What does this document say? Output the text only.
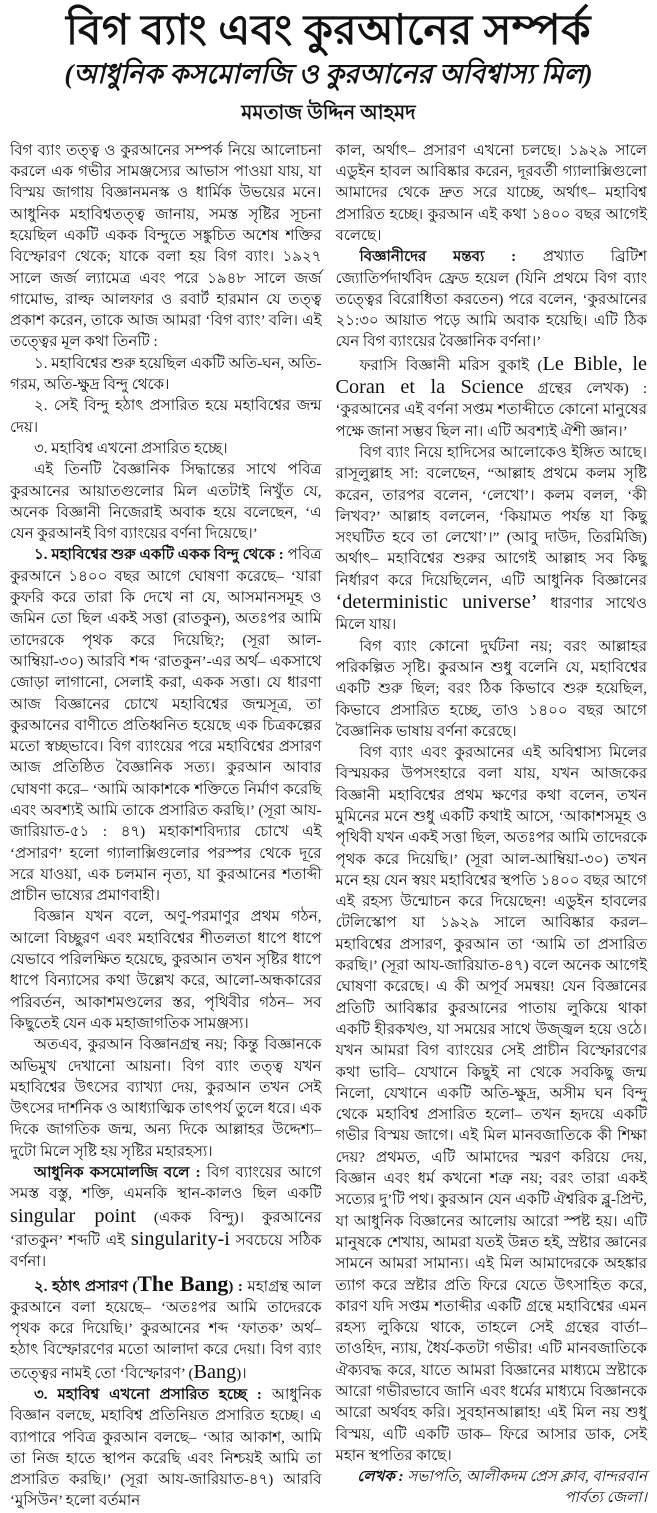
বিগ ব্যাং এবং কুরআনের সম্পর্ক
(আধুনিক কসমোলজি ও কুরআনের অবিশ্বাস্য মিল)
মমতাজ উদ্দিন আহমদ

বিগ ব্যাং তত্ত্ব ও কুরআনের সম্পর্ক নিয়ে আলোচনা করলে এক গভীর সামঞ্জস্যের আভাস পাওয়া যায়, যা বিস্ময় জাগায় বিজ্ঞানমনস্ক ও ধার্মিক উভয়ের মনে। আধুনিক মহাবিশ্বতত্ত্ব জানায়, সমস্ত সৃষ্টির সূচনা হয়েছিল একটি একক বিন্দুতে সঙ্কুচিত অশেষ শক্তির বিস্ফোরণ থেকে; যাকে বলা হয় বিগ ব্যাং। ১৯২৭ সালে জর্জ ল্যামেত্র এবং পরে ১৯৪৮ সালে জর্জ গামোভ, রাল্ফ আলফার ও রবার্ট হারমান যে তত্ত্ব প্রকাশ করেন, তাকে আজ আমরা ‘বিগ ব্যাং’ বলি। এই তত্ত্বের মূল কথা তিনটি :

১. মহাবিশ্বের শুরু হয়েছিল একটি অতি-ঘন, অতি-গরম, অতি-ক্ষুদ্র বিন্দু থেকে।

২. সেই বিন্দু হঠাৎ প্রসারিত হয়ে মহাবিশ্বের জন্ম দেয়।

৩. মহাবিশ্ব এখনো প্রসারিত হচ্ছে।

এই তিনটি বৈজ্ঞানিক সিদ্ধান্তের সাথে পবিত্র কুরআনের আয়াতগুলোর মিল এতটাই নিখুঁত যে, অনেক বিজ্ঞানী নিজেরাই অবাক হয়ে বলেছেন, ‘এ যেন কুরআনই বিগ ব্যাংয়ের বর্ণনা দিয়েছে।’

১. মহাবিশ্বের শুরু একটি একক বিন্দু থেকে : পবিত্র কুরআনে ১৪০০ বছর আগে ঘোষণা করেছে– ‘যারা কুফরি করে তারা কি দেখে না যে, আসমানসমূহ ও জমিন তো ছিল একই সত্তা (রাতকুন), অতঃপর আমি তাদেরকে পৃথক করে দিয়েছি?; (সূরা আল-আম্বিয়া-৩০) আরবি শব্দ ‘রাতকুন’-এর অর্থ– একসাথে জোড়া লাগানো, সেলাই করা, একক সত্তা। যে ধারণা আজ বিজ্ঞানের চোখে মহাবিশ্বের জন্মসূত্র, তা কুরআনের বাণীতে প্রতিধ্বনিত হয়েছে এক চিত্রকল্পের মতো স্বচ্ছভাবে। বিগ ব্যাংয়ের পরে মহাবিশ্বের প্রসারণ আজ প্রতিষ্ঠিত বৈজ্ঞানিক সত্য। কুরআন আবার ঘোষণা করে– ‘আমি আকাশকে শক্তিতে নির্মাণ করেছি এবং অবশ্যই আমি তাকে প্রসারিত করছি।’ (সূরা আয-জারিয়াত-৫১ : ৪৭) মহাকাশবিদ্যার চোখে এই ‘প্রসারণ’ হলো গ্যালাক্সিগুলোর পরস্পর থেকে দূরে সরে যাওয়া, এক চলমান নৃত্য, যা কুরআনের শতাব্দী প্রাচীন ভাষ্যের প্রমাণবাহী।

বিজ্ঞান যখন বলে, অণু-পরমাণুর প্রথম গঠন, আলো বিচ্ছুরণ এবং মহাবিশ্বের শীতলতা ধাপে ধাপে যেভাবে পরিলক্ষিত হয়েছে, কুরআন তখন সৃষ্টির ধাপে ধাপে বিন্যাসের কথা উল্লেখ করে, আলো-অন্ধকারের পরিবর্তন, আকাশমণ্ডলের স্তর, পৃথিবীর গঠন– সব কিছুতেই যেন এক মহাজাগতিক সামঞ্জস্য।

অতএব, কুরআন বিজ্ঞানগ্রন্থ নয়; কিন্তু বিজ্ঞানকে অভিমুখ দেখানো আয়না। বিগ ব্যাং তত্ত্ব যখন মহাবিশ্বের উৎসের ব্যাখ্যা দেয়, কুরআন তখন সেই উৎসের দার্শনিক ও আধ্যাত্মিক তাৎপর্য তুলে ধরে। এক দিকে জাগতিক জন্ম, অন্য দিকে আল্লাহর উদ্দেশ্য– দুটো মিলে সৃষ্টি হয় সৃষ্টির মহারহস্য।

আধুনিক কসমোলজি বলে : বিগ ব্যাংয়ের আগে সমস্ত বস্তু, শক্তি, এমনকি স্থান-কালও ছিল একটি singular point (একক বিন্দু)। কুরআনের ‘রাতকুন’ শব্দটি এই singularity-i সবচেয়ে সঠিক বর্ণনা।

২. হঠাৎ প্রসারণ (The Bang) : মহাগ্রন্থ আল কুরআনে বলা হয়েছে– ‘অতঃপর আমি তাদেরকে পৃথক করে দিয়েছি।’ কুরআনের শব্দ ‘ফাতক’ অর্থ– হঠাৎ বিস্ফোরণের মতো আলাদা করে দেয়া। বিগ ব্যাং তত্ত্বের নামই তো ‘বিস্ফোরণ’ (Bang)।

৩. মহাবিশ্ব এখনো প্রসারিত হচ্ছে : আধুনিক বিজ্ঞান বলছে, মহাবিশ্ব প্রতিনিয়ত প্রসারিত হচ্ছে। এ ব্যাপারে পবিত্র কুরআন বলছে– ‘আর আকাশ, আমি তা নিজ হাতে স্থাপন করেছি এবং নিশ্চয়ই আমি তা প্রসারিত করছি।’ (সূরা আয-জারিয়াত-৪৭) আরবি ‘মুসিউন’ হলো বর্তমান

কাল, অর্থাৎ– প্রসারণ এখনো চলছে। ১৯২৯ সালে এডুইন হাবল আবিষ্কার করেন, দূরবর্তী গ্যালাক্সিগুলো আমাদের থেকে দ্রুত সরে যাচ্ছে, অর্থাৎ– মহাবিশ্ব প্রসারিত হচ্ছে। কুরআন এই কথা ১৪০০ বছর আগেই বলেছে।

বিজ্ঞানীদের মন্তব্য : প্রখ্যাত ব্রিটিশ জ্যোতির্পদার্থবিদ ফ্রেড হয়েল (যিনি প্রথমে বিগ ব্যাং তত্ত্বের বিরোধিতা করতেন) পরে বলেন, ‘কুরআনের ২১:৩০ আয়াত পড়ে আমি অবাক হয়েছি। এটি ঠিক যেন বিগ ব্যাংয়ের বৈজ্ঞানিক বর্ণনা।’

ফরাসি বিজ্ঞানী মরিস বুকাই (Le Bible, le Coran et la Science গ্রন্থের লেখক) : ‘কুরআনের এই বর্ণনা সপ্তম শতাব্দীতে কোনো মানুষের পক্ষে জানা সম্ভব ছিল না। এটি অবশ্যই ঐশী জ্ঞান।’

বিগ ব্যাং নিয়ে হাদিসের আলোকেও ইঙ্গিত আছে। রাসূলুল্লাহ সা: বলেছেন, “আল্লাহ প্রথমে কলম সৃষ্টি করেন, তারপর বলেন, ‘লেখো’। কলম বলল, ‘কী লিখব?’ আল্লাহ বললেন, ‘কিয়ামত পর্যন্ত যা কিছু সংঘটিত হবে তা লেখো’।” (আবু দাউদ, তিরমিজি) অর্থাৎ– মহাবিশ্বের শুরুর আগেই আল্লাহ সব কিছু নির্ধারণ করে দিয়েছিলেন, এটি আধুনিক বিজ্ঞানের ‘deterministic universe’ ধারণার সাথেও মিলে যায়।

বিগ ব্যাং কোনো দুর্ঘটনা নয়; বরং আল্লাহর পরিকল্পিত সৃষ্টি। কুরআন শুধু বলেনি যে, মহাবিশ্বের একটি শুরু ছিল; বরং ঠিক কিভাবে শুরু হয়েছিল, কিভাবে প্রসারিত হচ্ছে, তাও ১৪০০ বছর আগে বৈজ্ঞানিক ভাষায় বর্ণনা করেছে।

বিগ ব্যাং এবং কুরআনের এই অবিশ্বাস্য মিলের বিস্ময়কর উপসংহারে বলা যায়, যখন আজকের বিজ্ঞানী মহাবিশ্বের প্রথম ক্ষণের কথা বলেন, তখন মুমিনের মনে শুধু একটি কথাই আসে, ‘আকাশসমূহ ও পৃথিবী যখন একই সত্তা ছিল, অতঃপর আমি তাদেরকে পৃথক করে দিয়েছি।’ (সূরা আল-আম্বিয়া-৩০) তখন মনে হয় যেন স্বয়ং মহাবিশ্বের স্থপতি ১৪০০ বছর আগে এই রহস্য উন্মোচন করে দিয়েছেন! এডুইন হাবলের টেলিস্কোপ যা ১৯২৯ সালে আবিষ্কার করল– মহাবিশ্বের প্রসারণ, কুরআন তা ‘আমি তা প্রসারিত করছি।’ (সূরা আয-জারিয়াত-৪৭) বলে অনেক আগেই ঘোষণা করেছে। এ কী অপূর্ব সমন্বয়! যেন বিজ্ঞানের প্রতিটি আবিষ্কার কুরআনের পাতায় লুকিয়ে থাকা একটি হীরকখণ্ড, যা সময়ের সাথে উজ্জ্বল হয়ে ওঠে। যখন আমরা বিগ ব্যাংয়ের সেই প্রাচীন বিস্ফোরণের কথা ভাবি– যেখানে কিছুই না থেকে সবকিছু জন্ম নিলো, যেখানে একটি অতি-ক্ষুদ্র, অসীম ঘন বিন্দু থেকে মহাবিশ্ব প্রসারিত হলো– তখন হৃদয়ে একটি গভীর বিস্ময় জাগে। এই মিল মানবজাতিকে কী শিক্ষা দেয়? প্রথমত, এটি আমাদের স্মরণ করিয়ে দেয়, বিজ্ঞান এবং ধর্ম কখনো শত্রু নয়; বরং তারা একই সত্যের দু’টি পথ। কুরআন যেন একটি ঐশ্বরিক ব্লু-প্রিন্ট, যা আধুনিক বিজ্ঞানের আলোয় আরো স্পষ্ট হয়। এটি মানুষকে শেখায়, আমরা যতই উন্নত হই, স্রষ্টার জ্ঞানের সামনে আমরা সামান্য। এই মিল আমাদেরকে অহঙ্কার ত্যাগ করে স্রষ্টার প্রতি ফিরে যেতে উৎসাহিত করে, কারণ যদি সপ্তম শতাব্দীর একটি গ্রন্থে মহাবিশ্বের এমন রহস্য লুকিয়ে থাকে, তাহলে সেই গ্রন্থের বার্তা– তাওহিদ, ন্যায়, ধৈর্য-কতটা গভীর! এটি মানবজাতিকে ঐক্যবদ্ধ করে, যাতে আমরা বিজ্ঞানের মাধ্যমে স্রষ্টাকে আরো গভীরভাবে জানি এবং ধর্মের মাধ্যমে বিজ্ঞানকে আরো অর্থবহ করি। সুবহানআল্লাহ! এই মিল নয় শুধু বিস্ময়, এটি একটি ডাক– ফিরে আসার ডাক, সেই মহান স্থপতির কাছে।

লেখক : সভাপতি, আলীকদম প্রেস ক্লাব, বান্দরবান পার্বত্য জেলা।
